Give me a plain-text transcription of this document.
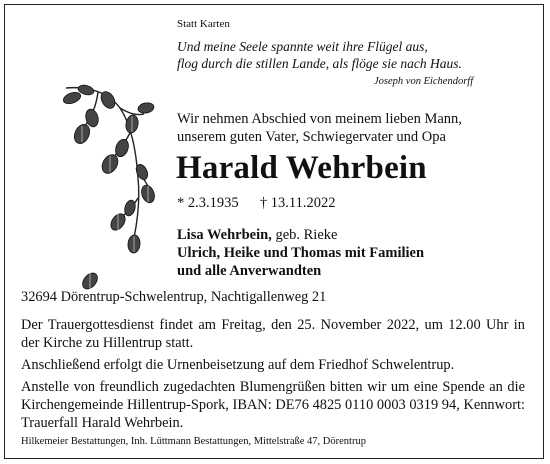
Statt Karten
Und meine Seele spannte weit ihre Flügel aus,
flog durch die stillen Lande, als flöge sie nach Haus.
Joseph von Eichendorff
Wir nehmen Abschied von meinem lieben Mann,
unserem guten Vater, Schwiegervater und Opa
Harald Wehrbein
* 2.3.1935 † 13.11.2022
Lisa Wehrbein, geb. Rieke
Ulrich, Heike und Thomas mit Familien
und alle Anverwandten
32694 Dörentrup-Schwelentrup, Nachtigallenweg 21
Der Trauergottesdienst findet am Freitag, den 25. November 2022, um 12.00 Uhr in der Kirche zu Hillentrup statt.
Anschließend erfolgt die Urnenbeisetzung auf dem Friedhof Schwelentrup.
Anstelle von freundlich zugedachten Blumengrüßen bitten wir um eine Spende an die Kirchengemeinde Hillentrup-Spork, IBAN: DE76 4825 0110 0003 0319 94, Kennwort: Trauerfall Harald Wehrbein.
Hilkemeier Bestattungen, Inh. Lüttmann Bestattungen, Mittelstraße 47, Dörentrup
